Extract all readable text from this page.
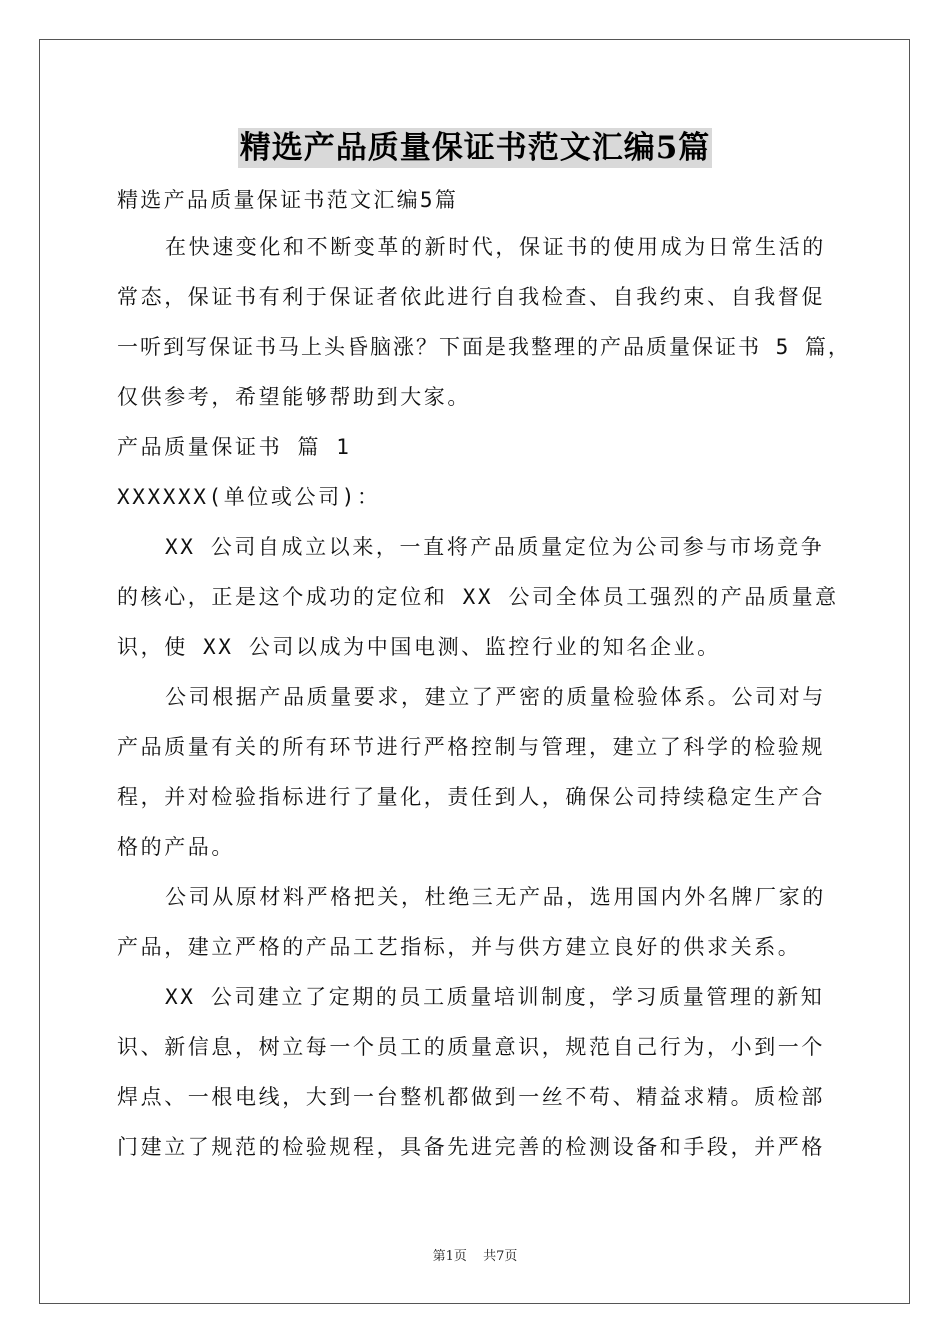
精选产品质量保证书范文汇编5篇
精选产品质量保证书范文汇编5篇
在快速变化和不断变革的新时代，保证书的使用成为日常生活的
常态，保证书有利于保证者依此进行自我检查、自我约束、自我督促
一听到写保证书马上头昏脑涨？下面是我整理的产品质量保证书 5 篇，
仅供参考，希望能够帮助到大家。
产品质量保证书 篇 1
XXXXXX(单位或公司)：
XX 公司自成立以来，一直将产品质量定位为公司参与市场竞争
的核心，正是这个成功的定位和 XX 公司全体员工强烈的产品质量意
识，使 XX 公司以成为中国电测、监控行业的知名企业。
公司根据产品质量要求，建立了严密的质量检验体系。公司对与
产品质量有关的所有环节进行严格控制与管理，建立了科学的检验规
程，并对检验指标进行了量化，责任到人，确保公司持续稳定生产合
格的产品。
公司从原材料严格把关，杜绝三无产品，选用国内外名牌厂家的
产品，建立严格的产品工艺指标，并与供方建立良好的供求关系。
XX 公司建立了定期的员工质量培训制度，学习质量管理的新知
识、新信息，树立每一个员工的质量意识，规范自己行为，小到一个
焊点、一根电线，大到一台整机都做到一丝不苟、精益求精。质检部
门建立了规范的检验规程，具备先进完善的检测设备和手段，并严格
第1页 共7页
